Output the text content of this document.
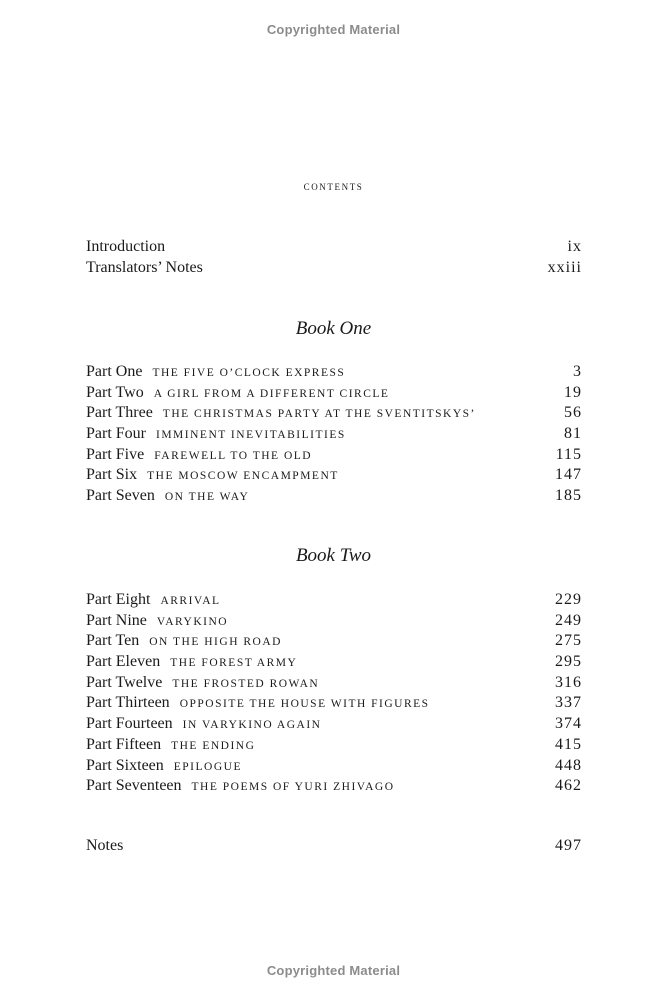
Copyrighted Material
contents
Introduction	ix
Translators’ Notes	xxiii
Book One
Part One THE FIVE O’CLOCK EXPRESS	3
Part Two A GIRL FROM A DIFFERENT CIRCLE	19
Part Three THE CHRISTMAS PARTY AT THE SVENTITSKYS’	56
Part Four IMMINENT INEVITABILITIES	81
Part Five FAREWELL TO THE OLD	115
Part Six THE MOSCOW ENCAMPMENT	147
Part Seven ON THE WAY	185
Book Two
Part Eight ARRIVAL	229
Part Nine VARYKINO	249
Part Ten ON THE HIGH ROAD	275
Part Eleven THE FOREST ARMY	295
Part Twelve THE FROSTED ROWAN	316
Part Thirteen OPPOSITE THE HOUSE WITH FIGURES	337
Part Fourteen IN VARYKINO AGAIN	374
Part Fifteen THE ENDING	415
Part Sixteen EPILOGUE	448
Part Seventeen THE POEMS OF YURI ZHIVAGO	462
Notes	497
Copyrighted Material
